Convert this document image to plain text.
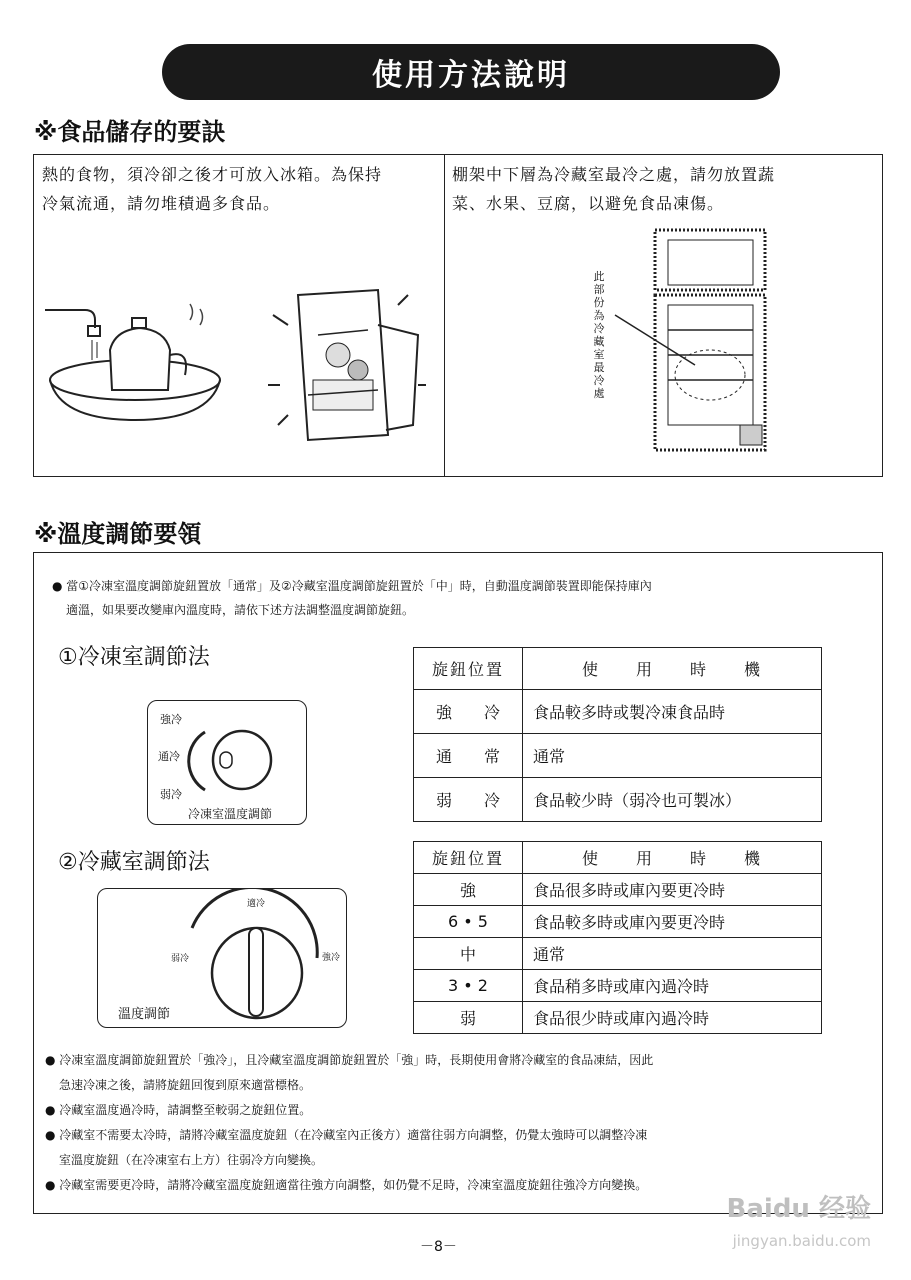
使用方法說明
※食品儲存的要訣
熱的食物，須冷卻之後才可放入冰箱。為保持
冷氣流通，請勿堆積過多食品。
棚架中下層為冷藏室最冷之處，請勿放置蔬
菜、水果、豆腐，以避免食品凍傷。
此部份為冷藏室最冷處
※溫度調節要領
● 當①冷凍室溫度調節旋鈕置放「通常」及②冷藏室溫度調節旋鈕置於「中」時，自動溫度調節裝置即能保持庫內
適溫，如果要改變庫內溫度時，請依下述方法調整溫度調節旋鈕。
①冷凍室調節法
強冷
通冷
弱冷
冷凍室溫度調節
旋鈕位置	使　　用　　時　　機
強　　冷	食品較多時或製冷凍食品時
通　　常	通常
弱　　冷	食品較少時（弱冷也可製冰）
②冷藏室調節法
適冷
弱冷	強冷
溫度調節
旋鈕位置	使　　用　　時　　機
強	食品很多時或庫內要更冷時
6 • 5	食品較多時或庫內要更冷時
中	通常
3 • 2	食品稍多時或庫內過冷時
弱	食品很少時或庫內過冷時
● 冷凍室溫度調節旋鈕置於「強冷」，且冷藏室溫度調節旋鈕置於「強」時，長期使用會將冷藏室的食品凍結，因此
急速冷凍之後，請將旋鈕回復到原來適當標格。
● 冷藏室溫度過冷時，請調整至較弱之旋鈕位置。
● 冷藏室不需要太冷時，請將冷藏室溫度旋鈕（在冷藏室內正後方）適當往弱方向調整，仍覺太強時可以調整冷凍
室溫度旋鈕（在冷凍室右上方）往弱冷方向變換。
● 冷藏室需要更冷時，請將冷藏室溫度旋鈕適當往強方向調整，如仍覺不足時，冷凍室溫度旋鈕往強冷方向變換。
－8－
Baidu 经验
jingyan.baidu.com
